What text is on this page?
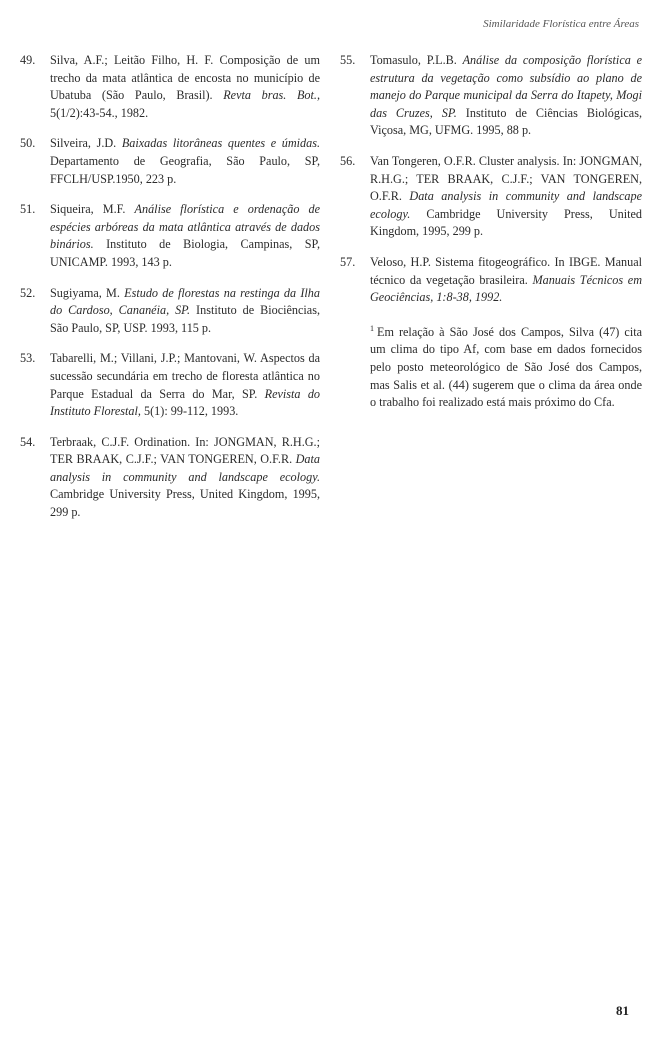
Similaridade Florística entre Áreas
49.	Silva, A.F.; Leitão Filho, H. F. Composição de um trecho da mata atlântica de encosta no município de Ubatuba (São Paulo, Brasil). Revta bras. Bot., 5(1/2):43-54., 1982.
50.	Silveira, J.D. Baixadas litorâneas quentes e úmidas. Departamento de Geografia, São Paulo, SP, FFCLH/USP.1950, 223 p.
51.	Siqueira, M.F. Análise florística e ordenação de espécies arbóreas da mata atlântica através de dados binários. Instituto de Biologia, Campinas, SP, UNICAMP. 1993, 143 p.
52.	Sugiyama, M. Estudo de florestas na restinga da Ilha do Cardoso, Cananéia, SP. Instituto de Biociências, São Paulo, SP, USP. 1993, 115 p.
53.	Tabarelli, M.; Villani, J.P.; Mantovani, W. Aspectos da sucessão secundária em trecho de floresta atlântica no Parque Estadual da Serra do Mar, SP. Revista do Instituto Florestal, 5(1): 99-112, 1993.
54.	Terbraak, C.J.F. Ordination. In: JONGMAN, R.H.G.; TER BRAAK, C.J.F.; VAN TONGEREN, O.F.R. Data analysis in community and landscape ecology. Cambridge University Press, United Kingdom, 1995, 299 p.
55.	Tomasulo, P.L.B. Análise da composição florística e estrutura da vegetação como subsídio ao plano de manejo do Parque municipal da Serra do Itapety, Mogi das Cruzes, SP. Instituto de Ciências Biológicas, Viçosa, MG, UFMG. 1995, 88 p.
56.	Van Tongeren, O.F.R. Cluster analysis. In: JONGMAN, R.H.G.; TER BRAAK, C.J.F.; VAN TONGEREN, O.F.R. Data analysis in community and landscape ecology. Cambridge University Press, United Kingdom, 1995, 299 p.
57.	Veloso, H.P. Sistema fitogeográfico. In IBGE. Manual técnico da vegetação brasileira. Manuais Técnicos em Geociências, 1:8-38, 1992.
$^1$ Em relação à São José dos Campos, Silva (47) cita um clima do tipo Af, com base em dados fornecidos pelo posto meteorológico de São José dos Campos, mas Salis et al. (44) sugerem que o clima da área onde o trabalho foi realizado está mais próximo do Cfa.
81
